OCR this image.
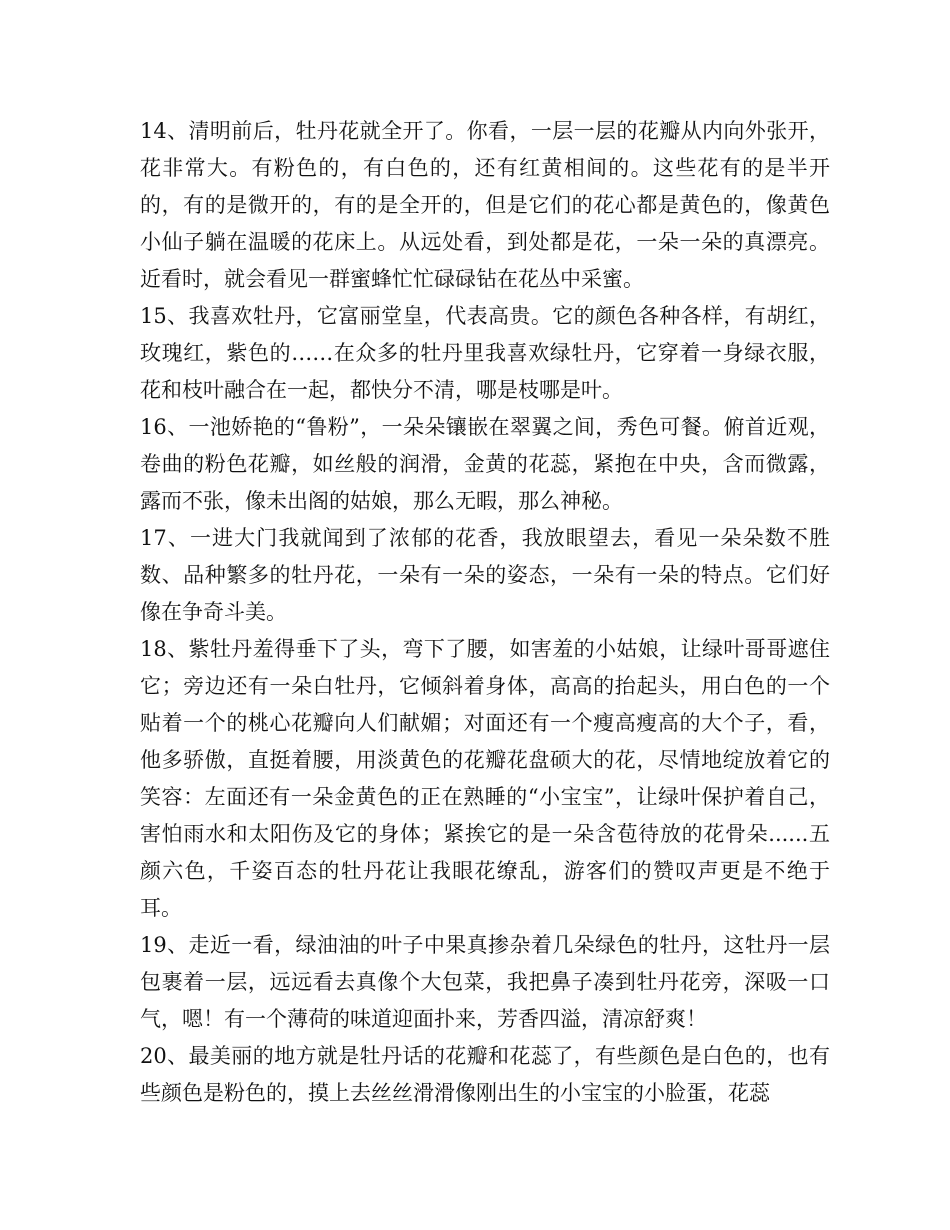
14、清明前后，牡丹花就全开了。你看，一层一层的花瓣从内向外张开，花非常大。有粉色的，有白色的，还有红黄相间的。这些花有的是半开的，有的是微开的，有的是全开的，但是它们的花心都是黄色的，像黄色小仙子躺在温暖的花床上。从远处看，到处都是花，一朵一朵的真漂亮。近看时，就会看见一群蜜蜂忙忙碌碌钻在花丛中采蜜。

15、我喜欢牡丹，它富丽堂皇，代表高贵。它的颜色各种各样，有胡红，玫瑰红，紫色的……在众多的牡丹里我喜欢绿牡丹，它穿着一身绿衣服，花和枝叶融合在一起，都快分不清，哪是枝哪是叶。

16、一池娇艳的“鲁粉”，一朵朵镶嵌在翠翼之间，秀色可餐。俯首近观，卷曲的粉色花瓣，如丝般的润滑，金黄的花蕊，紧抱在中央，含而微露，露而不张，像未出阁的姑娘，那么无暇，那么神秘。

17、一进大门我就闻到了浓郁的花香，我放眼望去，看见一朵朵数不胜数、品种繁多的牡丹花，一朵有一朵的姿态，一朵有一朵的特点。它们好像在争奇斗美。

18、紫牡丹羞得垂下了头，弯下了腰，如害羞的小姑娘，让绿叶哥哥遮住它；旁边还有一朵白牡丹，它倾斜着身体，高高的抬起头，用白色的一个贴着一个的桃心花瓣向人们献媚；对面还有一个瘦高瘦高的大个子，看，他多骄傲，直挺着腰，用淡黄色的花瓣花盘硕大的花，尽情地绽放着它的笑容：左面还有一朵金黄色的正在熟睡的“小宝宝”，让绿叶保护着自己，害怕雨水和太阳伤及它的身体；紧挨它的是一朵含苞待放的花骨朵......五颜六色，千姿百态的牡丹花让我眼花缭乱，游客们的赞叹声更是不绝于耳。

19、走近一看，绿油油的叶子中果真掺杂着几朵绿色的牡丹，这牡丹一层包裹着一层，远远看去真像个大包菜，我把鼻子凑到牡丹花旁，深吸一口气，嗯！有一个薄荷的味道迎面扑来，芳香四溢，清凉舒爽！

20、最美丽的地方就是牡丹话的花瓣和花蕊了，有些颜色是白色的，也有些颜色是粉色的，摸上去丝丝滑滑像刚出生的小宝宝的小脸蛋，花蕊
